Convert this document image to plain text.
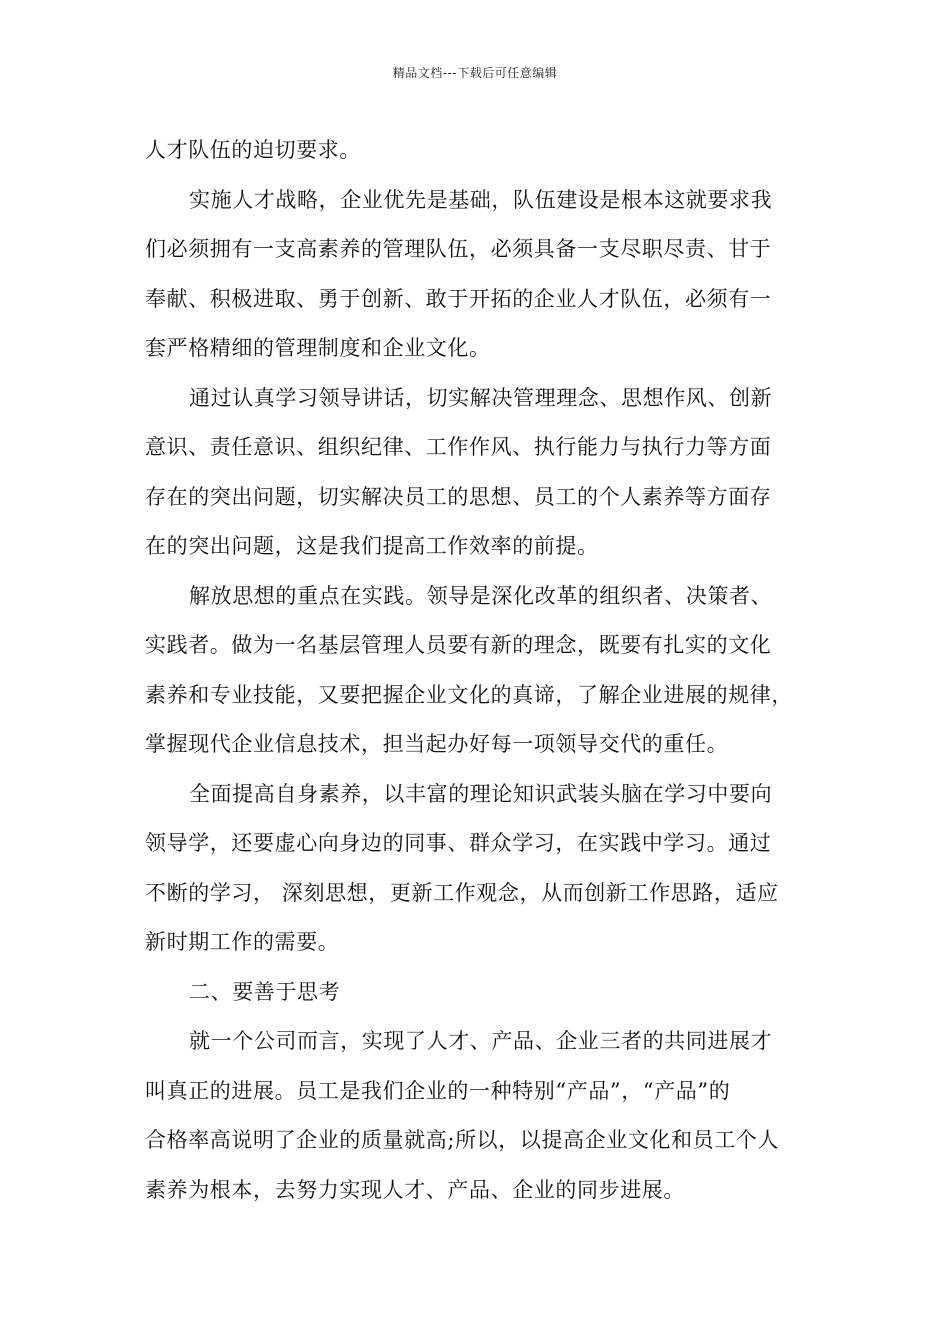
精品文档---下载后可任意编辑
人才队伍的迫切要求。
实施人才战略，企业优先是基础，队伍建设是根本这就要求我
们必须拥有一支高素养的管理队伍，必须具备一支尽职尽责、甘于
奉献、积极进取、勇于创新、敢于开拓的企业人才队伍，必须有一
套严格精细的管理制度和企业文化。
通过认真学习领导讲话，切实解决管理理念、思想作风、创新
意识、责任意识、组织纪律、工作作风、执行能力与执行力等方面
存在的突出问题，切实解决员工的思想、员工的个人素养等方面存
在的突出问题，这是我们提高工作效率的前提。
解放思想的重点在实践。领导是深化改革的组织者、决策者、
实践者。做为一名基层管理人员要有新的理念，既要有扎实的文化
素养和专业技能，又要把握企业文化的真谛，了解企业进展的规律，
掌握现代企业信息技术，担当起办好每一项领导交代的重任。
全面提高自身素养，以丰富的理论知识武装头脑在学习中要向
领导学，还要虚心向身边的同事、群众学习，在实践中学习。通过
不断的学习， 深刻思想，更新工作观念，从而创新工作思路，适应
新时期工作的需要。
二、要善于思考
就一个公司而言，实现了人才、产品、企业三者的共同进展才
叫真正的进展。员工是我们企业的一种特别“产品”，“产品”的
合格率高说明了企业的质量就高;所以，以提高企业文化和员工个人
素养为根本，去努力实现人才、产品、企业的同步进展。
